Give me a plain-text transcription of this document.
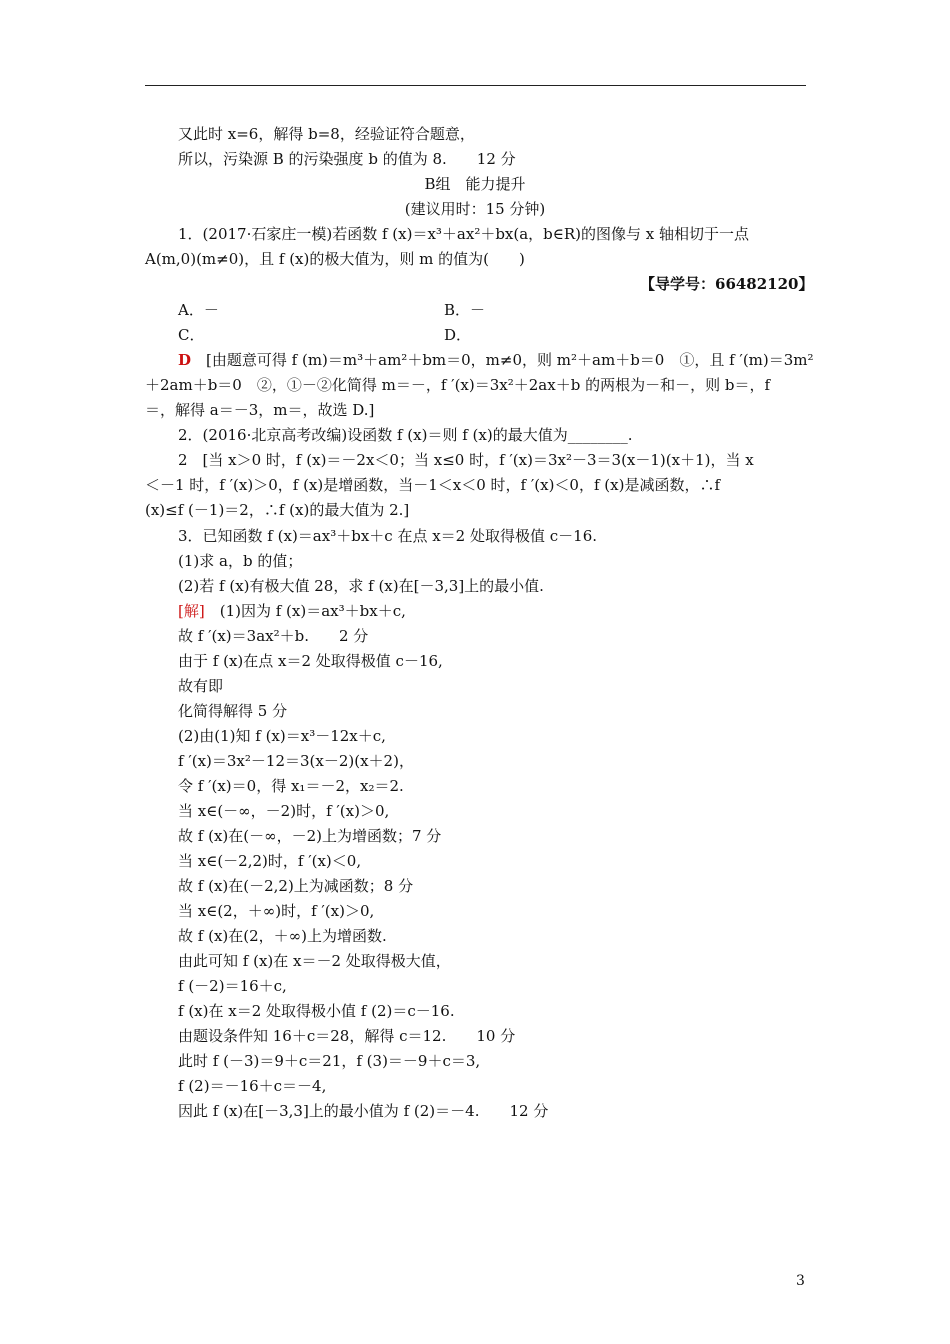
又此时 x=6，解得 b=8，经验证符合题意，
所以，污染源 B 的污染强度 b 的值为 8.　　12 分
B组　能力提升
(建议用时：15 分钟)
1．(2017·石家庄一模)若函数 f (x)＝x³＋ax²＋bx(a，b∈R)的图像与 x 轴相切于一点
A(m,0)(m≠0)，且 f (x)的极大值为，则 m 的值为(　　)
【导学号：66482120】
A．－	B．－
C．	D．
D　 [由题意可得 f (m)＝m³＋am²＋bm＝0，m≠0，则 m²＋am＋b＝0　①，且 f ′(m)＝3m²
＋2am＋b＝0　②，①－②化简得 m＝－，f ′(x)＝3x²＋2ax＋b 的两根为－和－，则 b＝，f
＝，解得 a＝－3，m＝，故选 D.]
2．(2016·北京高考改编)设函数 f (x)＝则 f (x)的最大值为________.
2　[当 x＞0 时，f (x)＝－2x＜0；当 x≤0 时，f ′(x)＝3x²－3＝3(x－1)(x＋1)，当 x
＜－1 时，f ′(x)＞0，f (x)是增函数，当－1＜x＜0 时，f ′(x)＜0，f (x)是减函数，∴f
(x)≤f (－1)＝2，∴f (x)的最大值为 2.]
3．已知函数 f (x)＝ax³＋bx＋c 在点 x＝2 处取得极值 c－16.
(1)求 a，b 的值；
(2)若 f (x)有极大值 28，求 f (x)在[－3,3]上的最小值.
[解]　(1)因为 f (x)＝ax³＋bx＋c,
故 f ′(x)＝3ax²＋b.　　2 分
由于 f (x)在点 x＝2 处取得极值 c－16,
故有即
化简得解得 5 分
(2)由(1)知 f (x)＝x³－12x＋c,
f ′(x)＝3x²－12＝3(x－2)(x＋2)，
令 f ′(x)＝0，得 x₁＝－2，x₂＝2.
当 x∈(－∞，－2)时，f ′(x)＞0,
故 f (x)在(－∞，－2)上为增函数；7 分
当 x∈(－2,2)时，f ′(x)＜0,
故 f (x)在(－2,2)上为减函数；8 分
当 x∈(2，＋∞)时，f ′(x)＞0,
故 f (x)在(2，＋∞)上为增函数.
由此可知 f (x)在 x＝－2 处取得极大值，
f (－2)＝16＋c,
f (x)在 x＝2 处取得极小值 f (2)＝c－16.
由题设条件知 16＋c＝28，解得 c＝12.　　10 分
此时 f (－3)＝9＋c＝21，f (3)＝－9＋c＝3,
f (2)＝－16＋c＝－4,
因此 f (x)在[－3,3]上的最小值为 f (2)＝－4.　　12 分
3
